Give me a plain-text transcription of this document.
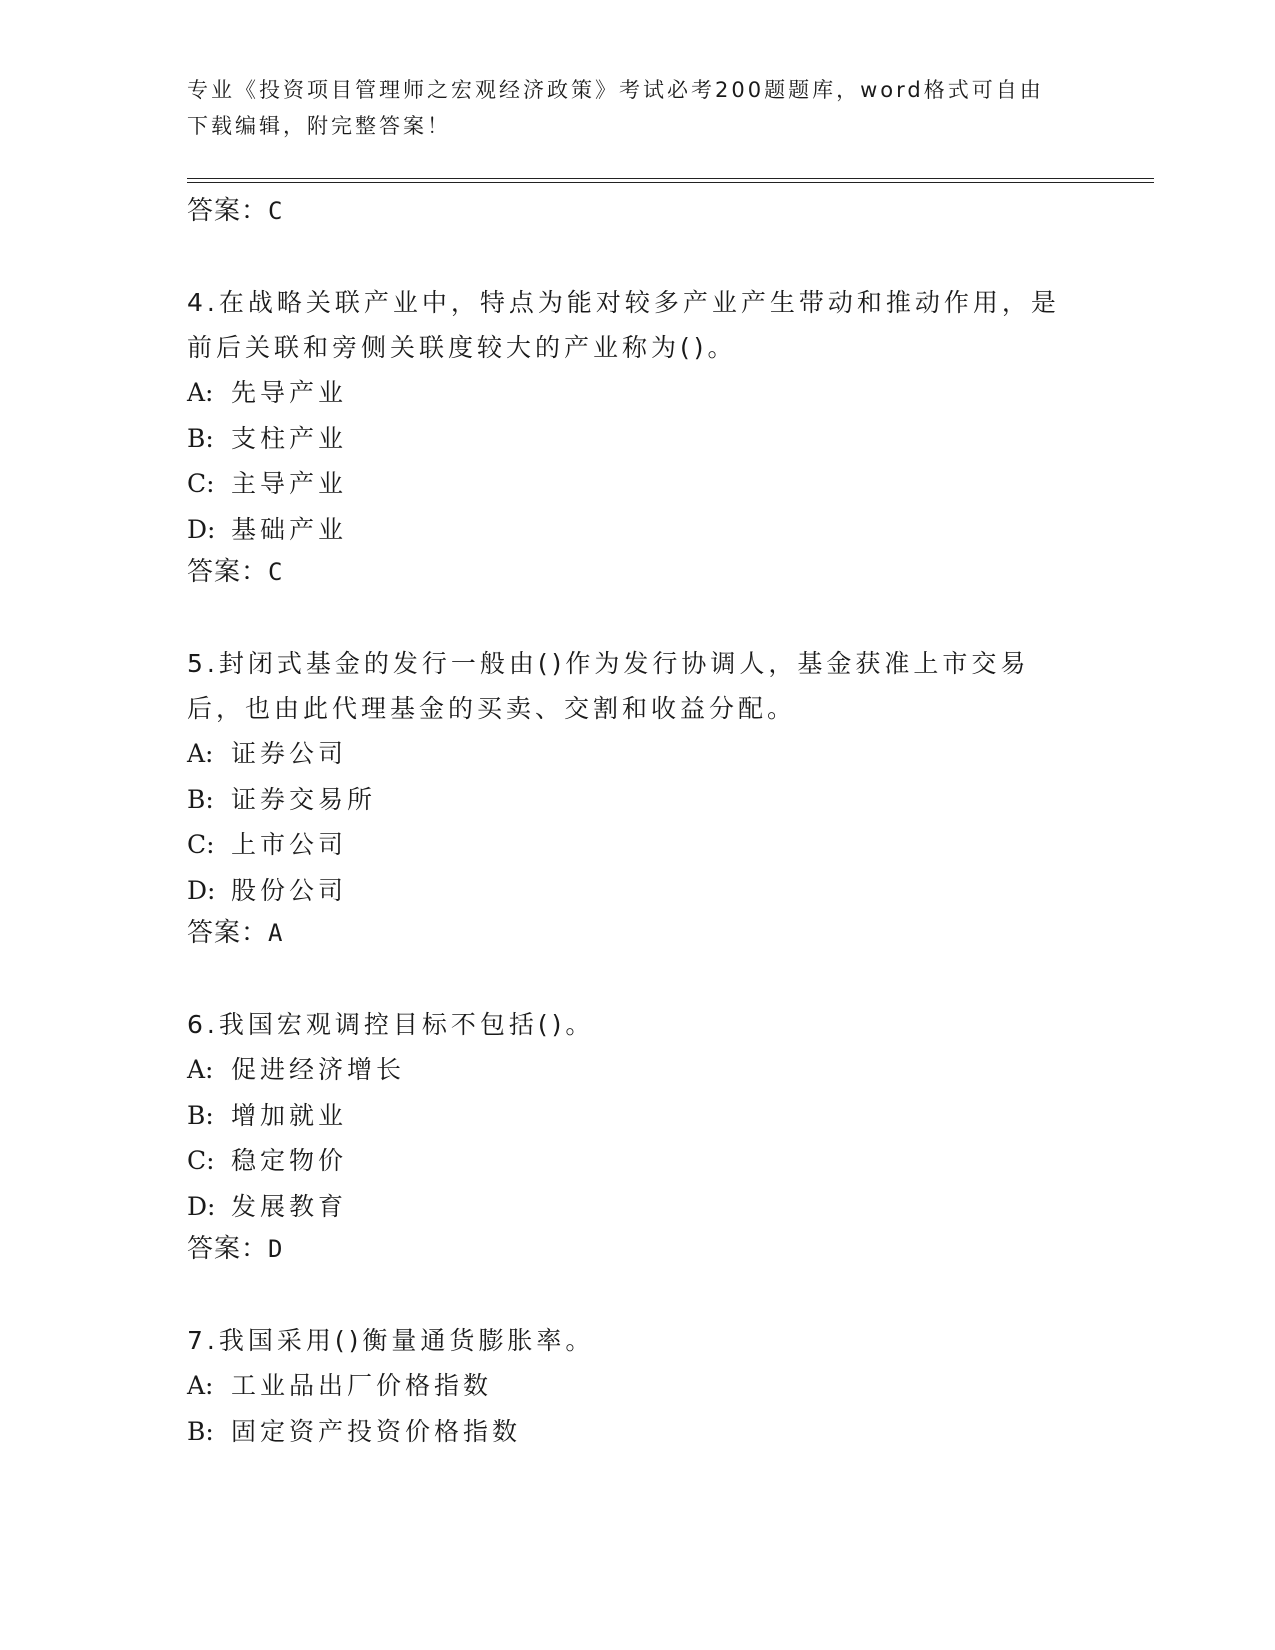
专业《投资项目管理师之宏观经济政策》考试必考200题题库，word格式可自由
下载编辑，附完整答案！
答案：C

4.在战略关联产业中，特点为能对较多产业产生带动和推动作用，是前后关联和旁侧关联度较大的产业称为()。

A: 先导产业

B: 支柱产业

C: 主导产业

D: 基础产业

答案：C

5.封闭式基金的发行一般由()作为发行协调人，基金获准上市交易后，也由此代理基金的买卖、交割和收益分配。

A: 证券公司

B: 证券交易所

C: 上市公司

D: 股份公司

答案：A

6.我国宏观调控目标不包括()。

A: 促进经济增长

B: 增加就业

C: 稳定物价

D: 发展教育

答案：D

7.我国采用()衡量通货膨胀率。

A: 工业品出厂价格指数

B: 固定资产投资价格指数
